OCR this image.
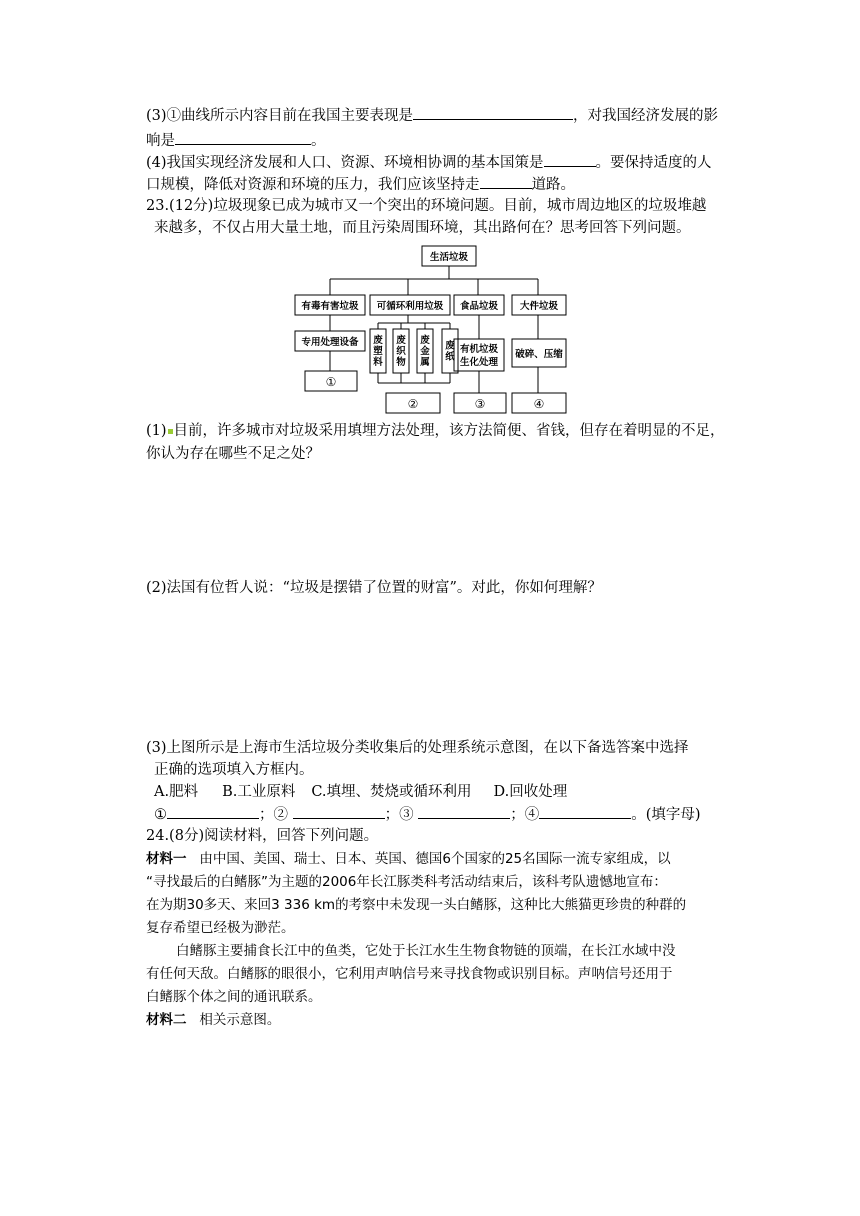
(3)①曲线所示内容目前在我国主要表现是	，对我国经济发展的影
响是	。
(4)我国实现经济发展和人口、资源、环境相协调的基本国策是	。要保持适度的人
口规模，降低对资源和环境的压力，我们应该坚持走	道路。
23.(12分)垃圾现象已成为城市又一个突出的环境问题。目前，城市周边地区的垃圾堆越
来越多，不仅占用大量土地，而且污染周围环境，其出路何在？思考回答下列问题。
生活垃圾
有毒有害垃圾 可循环利用垃圾 食品垃圾 大件垃圾
专用处理设备
有机垃圾
生化处理
破碎、压缩
废
塑
料
废
织
物
废
金
属
废
纸
①
②	③	④
(1) 目前，许多城市对垃圾采用填埋方法处理，该方法简便、省钱，但存在着明显的不足，
你认为存在哪些不足之处？
(2)法国有位哲人说：“垃圾是摆错了位置的财富”。对此，你如何理解？
(3)上图所示是上海市生活垃圾分类收集后的处理系统示意图，在以下备选答案中选择
正确的选项填入方框内。
A.肥料 B.工业原料 C.填埋、焚烧或循环利用 D.回收处理
①	；②	；③	；④	。(填字母)
24.(8分)阅读材料，回答下列问题。
材料一 由中国、美国、瑞士、日本、英国、德国6个国家的25名国际一流专家组成，以
“寻找最后的白鳍豚”为主题的2006年长江豚类科考活动结束后，该科考队遗憾地宣布：
在为期30多天、来回3 336 km的考察中未发现一头白鳍豚，这种比大熊猫更珍贵的种群的
复存希望已经极为渺茫。
白鳍豚主要捕食长江中的鱼类，它处于长江水生生物食物链的顶端，在长江水域中没
有任何天敌。白鳍豚的眼很小，它利用声呐信号来寻找食物或识别目标。声呐信号还用于
白鳍豚个体之间的通讯联系。
材料二 相关示意图。
